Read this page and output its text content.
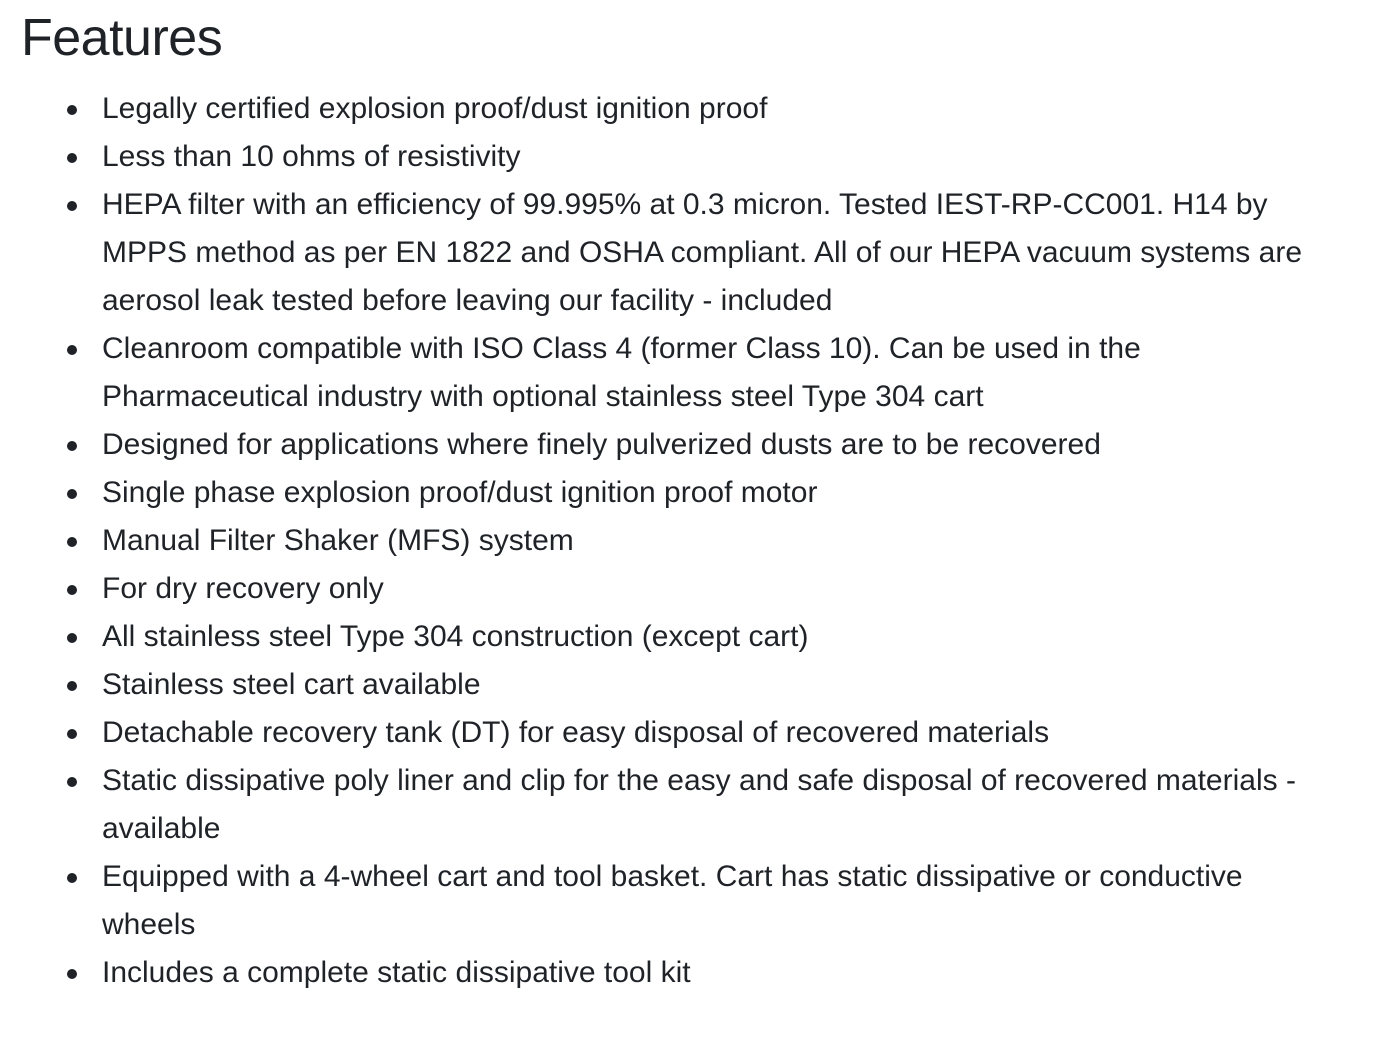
Features
Legally certified explosion proof/dust ignition proof
Less than 10 ohms of resistivity
HEPA filter with an efficiency of 99.995% at 0.3 micron. Tested IEST-RP-CC001. H14 by MPPS method as per EN 1822 and OSHA compliant. All of our HEPA vacuum systems are aerosol leak tested before leaving our facility - included
Cleanroom compatible with ISO Class 4 (former Class 10). Can be used in the Pharmaceutical industry with optional stainless steel Type 304 cart
Designed for applications where finely pulverized dusts are to be recovered
Single phase explosion proof/dust ignition proof motor
Manual Filter Shaker (MFS) system
For dry recovery only
All stainless steel Type 304 construction (except cart)
Stainless steel cart available
Detachable recovery tank (DT) for easy disposal of recovered materials
Static dissipative poly liner and clip for the easy and safe disposal of recovered materials - available
Equipped with a 4-wheel cart and tool basket. Cart has static dissipative or conductive wheels
Includes a complete static dissipative tool kit
